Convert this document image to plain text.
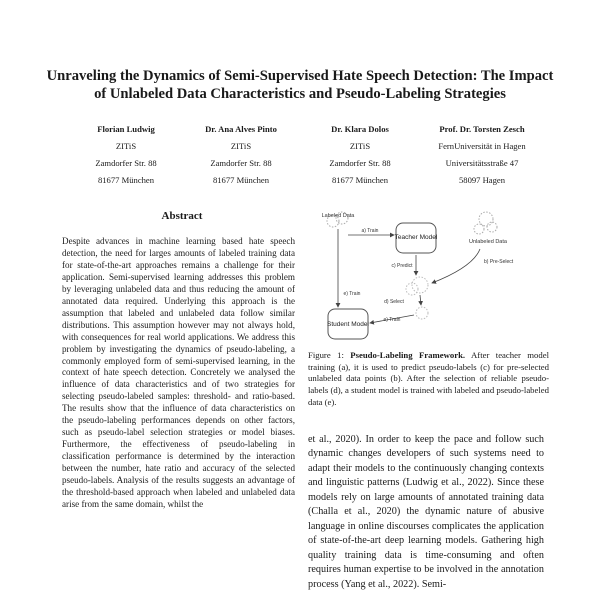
Unraveling the Dynamics of Semi-Supervised Hate Speech Detection: The Impact of Unlabeled Data Characteristics and Pseudo-Labeling Strategies
Florian Ludwig
ZITiS
Zamdorfer Str. 88
81677 München
Dr. Ana Alves Pinto
ZITiS
Zamdorfer Str. 88
81677 München
Dr. Klara Dolos
ZITiS
Zamdorfer Str. 88
81677 München
Prof. Dr. Torsten Zesch
FernUniversität in Hagen
Universitätsstraße 47
58097 Hagen
Abstract
Despite advances in machine learning based hate speech detection, the need for larges amounts of labeled training data for state-of-the-art approaches remains a challenge for their application. Semi-supervised learning addresses this problem by leveraging unlabeled data and thus reducing the amount of annotated data required. Underlying this approach is the assumption that labeled and unlabeled data follow similar distributions. This assumption however may not always hold, with consequences for real world applications. We address this problem by investigating the dynamics of pseudo-labeling, a commonly employed form of semi-supervised learning, in the context of hate speech detection. Concretely we analysed the influence of data characteristics and of two strategies for selecting pseudo-labeled samples: threshold- and ratio-based. The results show that the influence of data characteristics on the pseudo-labeling performances depends on other factors, such as pseudo-label selection strategies or model biases. Furthermore, the effectiveness of pseudo-labeling in classification performance is determined by the interaction between the number, hate ratio and accuracy of the selected pseudo-labels. Analysis of the results suggests an advantage of the threshold-based approach when labeled and unlabeled data arise from the same domain, whilst the
Labeled Data
Teacher Model
Unlabeled Data
Student Model
a) Train
c) Predict
b) Pre-Select
d) Select
e) Train
e) Train
Figure 1: Pseudo-Labeling Framework. After teacher model training (a), it is used to predict pseudo-labels (c) for pre-selected unlabeled data points (b). After the selection of reliable pseudo-labels (d), a student model is trained with labeled and pseudo-labeled data (e).
et al., 2020). In order to keep the pace and follow such dynamic changes developers of such systems need to adapt their models to the continuously changing contexts and linguistic patterns (Ludwig et al., 2022). Since these models rely on large amounts of annotated training data (Challa et al., 2020) the dynamic nature of abusive language in online discourses complicates the application of state-of-the-art deep learning models. Gathering high quality training data is time-consuming and often requires human expertise to be involved in the annotation process (Yang et al., 2022). Semi-
